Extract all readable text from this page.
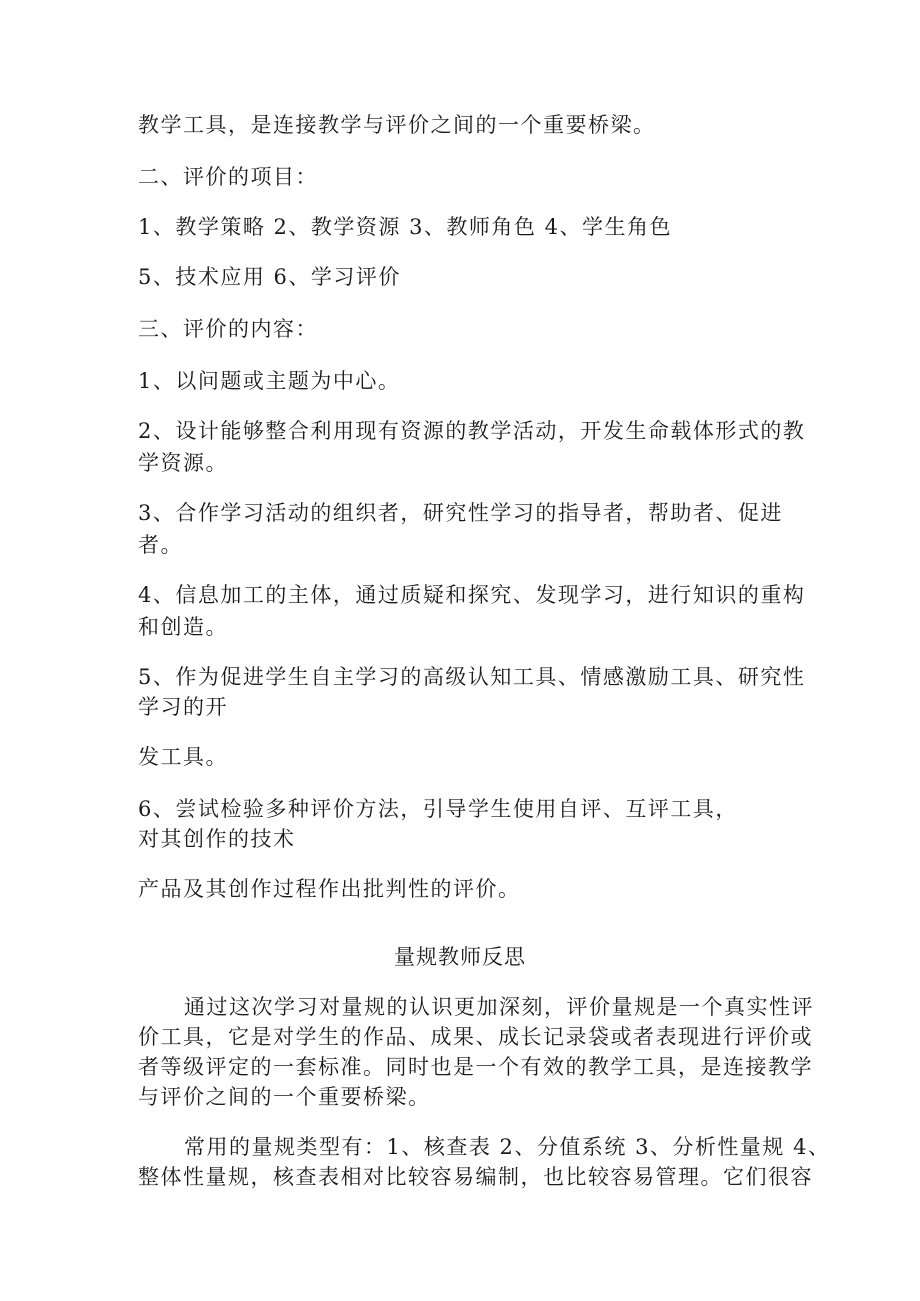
教学工具，是连接教学与评价之间的一个重要桥梁。
二、评价的项目：
1、教学策略 2、教学资源 3、教师角色 4、学生角色
5、技术应用 6、学习评价
三、评价的内容：
1、以问题或主题为中心。
2、设计能够整合利用现有资源的教学活动，开发生命载体形式的教
学资源。
3、合作学习活动的组织者，研究性学习的指导者，帮助者、促进
者。
4、信息加工的主体，通过质疑和探究、发现学习，进行知识的重构
和创造。
5、作为促进学生自主学习的高级认知工具、情感激励工具、研究性
学习的开
发工具。
6、尝试检验多种评价方法，引导学生使用自评、互评工具，
对其创作的技术
产品及其创作过程作出批判性的评价。
量规教师反思
通过这次学习对量规的认识更加深刻，评价量规是一个真实性评
价工具，它是对学生的作品、成果、成长记录袋或者表现进行评价或
者等级评定的一套标准。同时也是一个有效的教学工具，是连接教学
与评价之间的一个重要桥梁。
常用的量规类型有：1、核查表 2、分值系统 3、分析性量规 4、
整体性量规，核查表相对比较容易编制，也比较容易管理。它们很容
